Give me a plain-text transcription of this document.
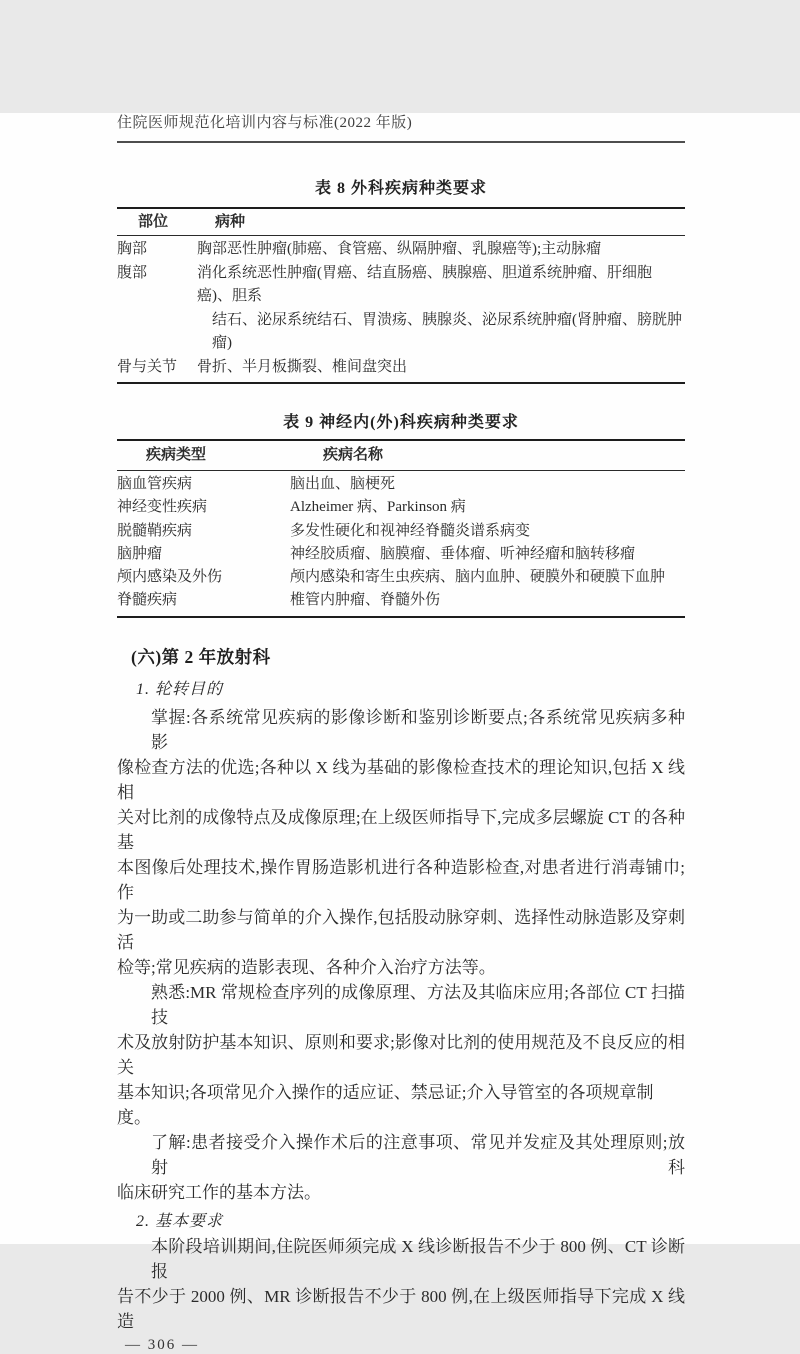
住院医师规范化培训内容与标准(2022 年版)
表 8 外科疾病种类要求
部位	病种
胸部	胸部恶性肿瘤(肺癌、食管癌、纵隔肿瘤、乳腺癌等);主动脉瘤
腹部	消化系统恶性肿瘤(胃癌、结直肠癌、胰腺癌、胆道系统肿瘤、肝细胞癌)、胆系
结石、泌尿系统结石、胃溃疡、胰腺炎、泌尿系统肿瘤(肾肿瘤、膀胱肿瘤)
骨与关节	骨折、半月板撕裂、椎间盘突出
表 9 神经内(外)科疾病种类要求
疾病类型	疾病名称
脑血管疾病	脑出血、脑梗死
神经变性疾病	Alzheimer 病、Parkinson 病
脱髓鞘疾病	多发性硬化和视神经脊髓炎谱系病变
脑肿瘤	神经胶质瘤、脑膜瘤、垂体瘤、听神经瘤和脑转移瘤
颅内感染及外伤	颅内感染和寄生虫疾病、脑内血肿、硬膜外和硬膜下血肿
脊髓疾病	椎管内肿瘤、脊髓外伤
(六)第 2 年放射科
1. 轮转目的
掌握:各系统常见疾病的影像诊断和鉴别诊断要点;各系统常见疾病多种影
像检查方法的优选;各种以 X 线为基础的影像检查技术的理论知识,包括 X 线相
关对比剂的成像特点及成像原理;在上级医师指导下,完成多层螺旋 CT 的各种基
本图像后处理技术,操作胃肠造影机进行各种造影检查,对患者进行消毒铺巾;作
为一助或二助参与简单的介入操作,包括股动脉穿刺、选择性动脉造影及穿刺活
检等;常见疾病的造影表现、各种介入治疗方法等。
熟悉:MR 常规检查序列的成像原理、方法及其临床应用;各部位 CT 扫描技
术及放射防护基本知识、原则和要求;影像对比剂的使用规范及不良反应的相关
基本知识;各项常见介入操作的适应证、禁忌证;介入导管室的各项规章制度。
了解:患者接受介入操作术后的注意事项、常见并发症及其处理原则;放射科
临床研究工作的基本方法。
2. 基本要求
本阶段培训期间,住院医师须完成 X 线诊断报告不少于 800 例、CT 诊断报
告不少于 2000 例、MR 诊断报告不少于 800 例,在上级医师指导下完成 X 线造
— 306 —
